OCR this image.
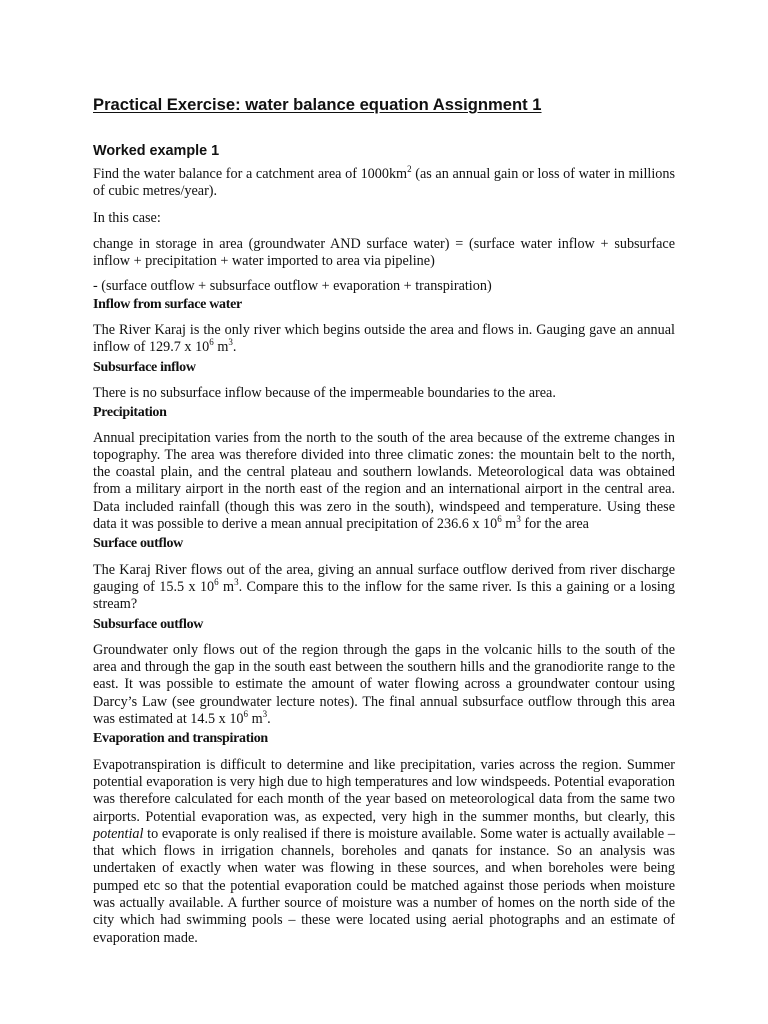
Practical Exercise: water balance equation Assignment 1
Worked example 1

Find the water balance for a catchment area of $1000km^2$ (as an annual gain or loss of water in millions of cubic metres/year).

In this case:

change in storage in area (groundwater AND surface water) = (surface water inflow + subsurface inflow + precipitation + water imported to area via pipeline)

- (surface outflow + subsurface outflow + evaporation + transpiration)

Inflow from surface water

The River Karaj is the only river which begins outside the area and flows in. Gauging gave an annual inflow of 129.7 x $10^6$ $m^3$.

Subsurface inflow

There is no subsurface inflow because of the impermeable boundaries to the area.

Precipitation

Annual precipitation varies from the north to the south of the area because of the extreme changes in topography. The area was therefore divided into three climatic zones: the mountain belt to the north, the coastal plain, and the central plateau and southern lowlands. Meteorological data was obtained from a military airport in the north east of the region and an international airport in the central area. Data included rainfall (though this was zero in the south), windspeed and temperature. Using these data it was possible to derive a mean annual precipitation of 236.6 x $10^6$ $m^3$ for the area

Surface outflow

The Karaj River flows out of the area, giving an annual surface outflow derived from river discharge gauging of 15.5 x $10^6$ $m^3$. Compare this to the inflow for the same river. Is this a gaining or a losing stream?

Subsurface outflow

Groundwater only flows out of the region through the gaps in the volcanic hills to the south of the area and through the gap in the south east between the southern hills and the granodiorite range to the east. It was possible to estimate the amount of water flowing across a groundwater contour using Darcy’s Law (see groundwater lecture notes). The final annual subsurface outflow through this area was estimated at 14.5 x $10^6$ $m^3$.

Evaporation and transpiration

Evapotranspiration is difficult to determine and like precipitation, varies across the region. Summer potential evaporation is very high due to high temperatures and low windspeeds. Potential evaporation was therefore calculated for each month of the year based on meteorological data from the same two airports. Potential evaporation was, as expected, very high in the summer months, but clearly, this potential to evaporate is only realised if there is moisture available. Some water is actually available – that which flows in irrigation channels, boreholes and qanats for instance. So an analysis was undertaken of exactly when water was flowing in these sources, and when boreholes were being pumped etc so that the potential evaporation could be matched against those periods when moisture was actually available. A further source of moisture was a number of homes on the north side of the city which had swimming pools – these were located using aerial photographs and an estimate of evaporation made.
